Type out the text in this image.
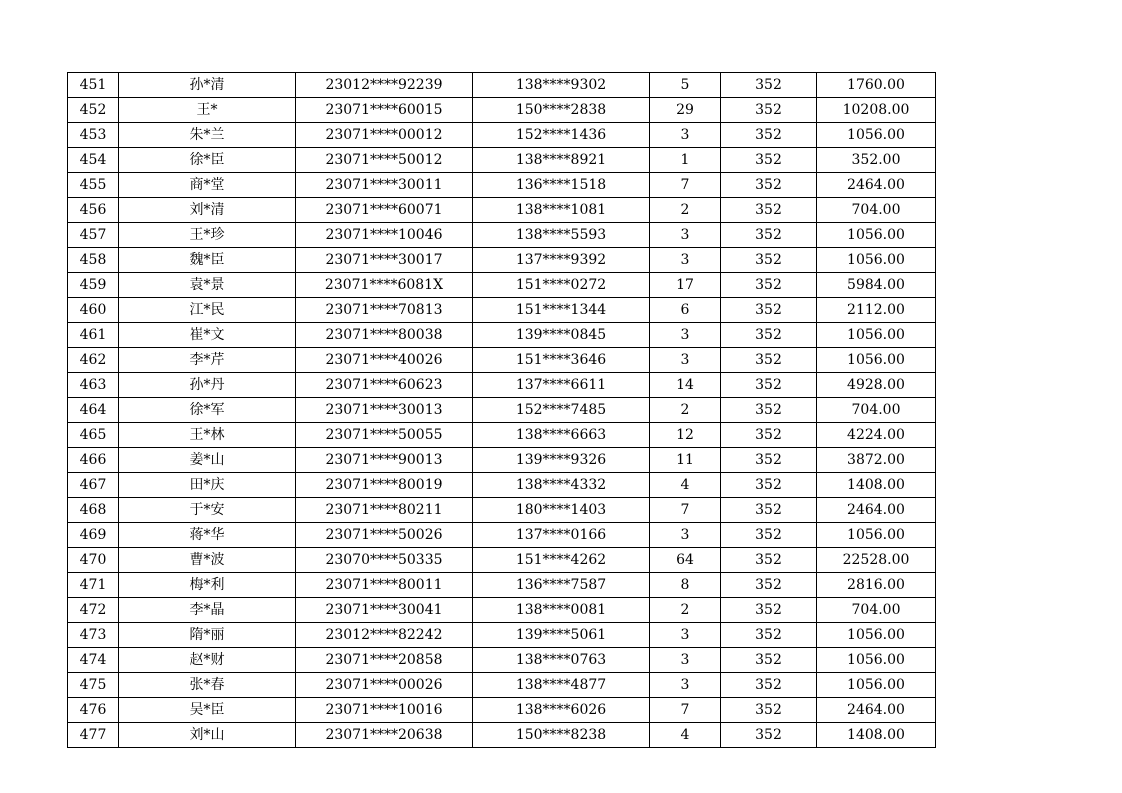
451	孙*清	23012****92239	138****9302	5	352	1760.00
452	王*	23071****60015	150****2838	29	352	10208.00
453	朱*兰	23071****00012	152****1436	3	352	1056.00
454	徐*臣	23071****50012	138****8921	1	352	352.00
455	商*堂	23071****30011	136****1518	7	352	2464.00
456	刘*清	23071****60071	138****1081	2	352	704.00
457	王*珍	23071****10046	138****5593	3	352	1056.00
458	魏*臣	23071****30017	137****9392	3	352	1056.00
459	袁*景	23071****6081X	151****0272	17	352	5984.00
460	江*民	23071****70813	151****1344	6	352	2112.00
461	崔*文	23071****80038	139****0845	3	352	1056.00
462	李*芹	23071****40026	151****3646	3	352	1056.00
463	孙*丹	23071****60623	137****6611	14	352	4928.00
464	徐*军	23071****30013	152****7485	2	352	704.00
465	王*林	23071****50055	138****6663	12	352	4224.00
466	姜*山	23071****90013	139****9326	11	352	3872.00
467	田*庆	23071****80019	138****4332	4	352	1408.00
468	于*安	23071****80211	180****1403	7	352	2464.00
469	蒋*华	23071****50026	137****0166	3	352	1056.00
470	曹*波	23070****50335	151****4262	64	352	22528.00
471	梅*利	23071****80011	136****7587	8	352	2816.00
472	李*晶	23071****30041	138****0081	2	352	704.00
473	隋*丽	23012****82242	139****5061	3	352	1056.00
474	赵*财	23071****20858	138****0763	3	352	1056.00
475	张*春	23071****00026	138****4877	3	352	1056.00
476	吴*臣	23071****10016	138****6026	7	352	2464.00
477	刘*山	23071****20638	150****8238	4	352	1408.00
